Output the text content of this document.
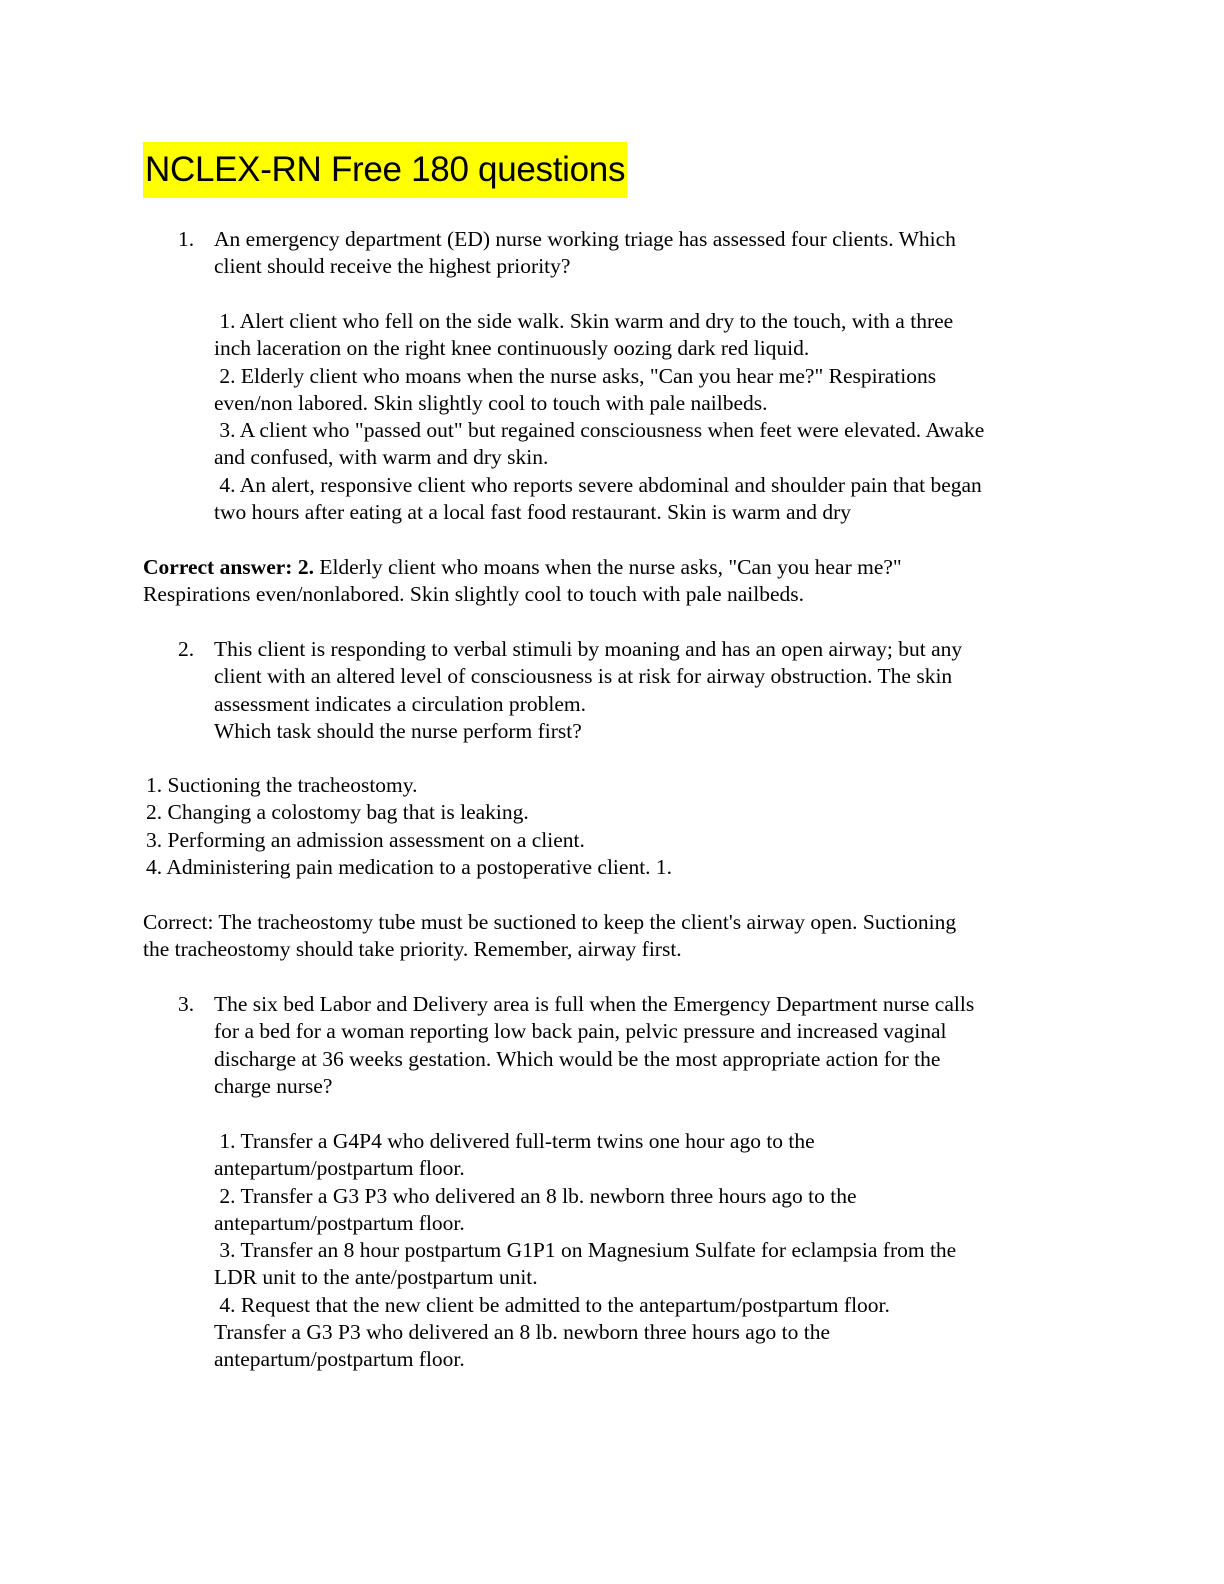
NCLEX-RN Free 180 questions
1. An emergency department (ED) nurse working triage has assessed four clients. Which
client should receive the highest priority?
1. Alert client who fell on the side walk. Skin warm and dry to the touch, with a three
inch laceration on the right knee continuously oozing dark red liquid.
2. Elderly client who moans when the nurse asks, "Can you hear me?" Respirations
even/non labored. Skin slightly cool to touch with pale nailbeds.
3. A client who "passed out" but regained consciousness when feet were elevated. Awake
and confused, with warm and dry skin.
4. An alert, responsive client who reports severe abdominal and shoulder pain that began
two hours after eating at a local fast food restaurant. Skin is warm and dry
Correct answer: 2. Elderly client who moans when the nurse asks, "Can you hear me?"
Respirations even/nonlabored. Skin slightly cool to touch with pale nailbeds.
2. This client is responding to verbal stimuli by moaning and has an open airway; but any
client with an altered level of consciousness is at risk for airway obstruction. The skin
assessment indicates a circulation problem.
Which task should the nurse perform first?
1. Suctioning the tracheostomy.
2. Changing a colostomy bag that is leaking.
3. Performing an admission assessment on a client.
4. Administering pain medication to a postoperative client. 1.
Correct: The tracheostomy tube must be suctioned to keep the client's airway open. Suctioning
the tracheostomy should take priority. Remember, airway first.
3. The six bed Labor and Delivery area is full when the Emergency Department nurse calls
for a bed for a woman reporting low back pain, pelvic pressure and increased vaginal
discharge at 36 weeks gestation. Which would be the most appropriate action for the
charge nurse?
1. Transfer a G4P4 who delivered full-term twins one hour ago to the
antepartum/postpartum floor.
2. Transfer a G3 P3 who delivered an 8 lb. newborn three hours ago to the
antepartum/postpartum floor.
3. Transfer an 8 hour postpartum G1P1 on Magnesium Sulfate for eclampsia from the
LDR unit to the ante/postpartum unit.
4. Request that the new client be admitted to the antepartum/postpartum floor.
Transfer a G3 P3 who delivered an 8 lb. newborn three hours ago to the
antepartum/postpartum floor.
